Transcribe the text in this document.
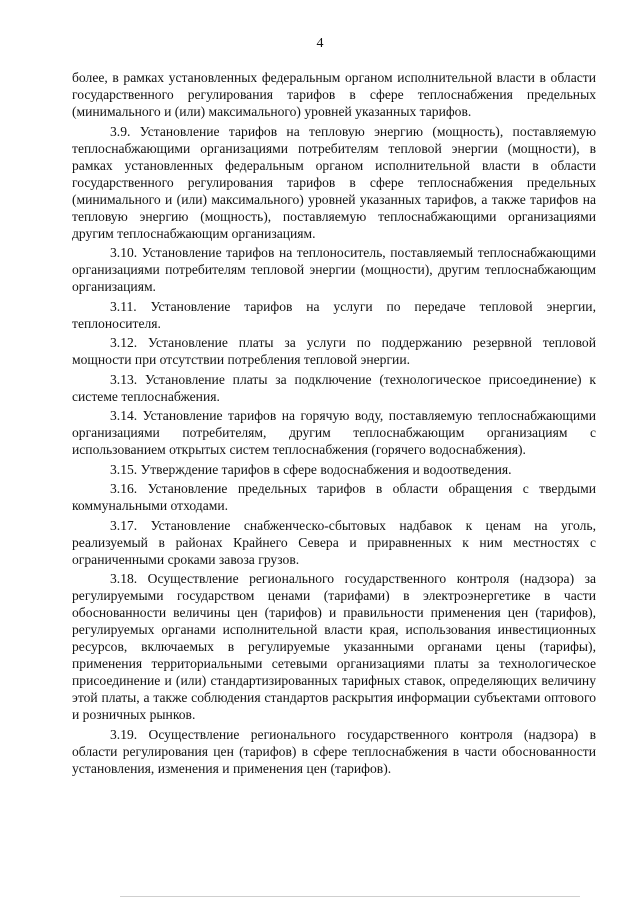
4

более, в рамках установленных федеральным органом исполнительной власти в области государственного регулирования тарифов в сфере теплоснабжения предельных (минимального и (или) максимального) уровней указанных тарифов.

3.9. Установление тарифов на тепловую энергию (мощность), поставляемую теплоснабжающими организациями потребителям тепловой энергии (мощности), в рамках установленных федеральным органом исполнительной власти в области государственного регулирования тарифов в сфере теплоснабжения предельных (минимального и (или) максимального) уровней указанных тарифов, а также тарифов на тепловую энергию (мощность), поставляемую теплоснабжающими организациями другим теплоснабжающим организациям.

3.10. Установление тарифов на теплоноситель, поставляемый теплоснабжающими организациями потребителям тепловой энергии (мощности), другим теплоснабжающим организациям.

3.11. Установление тарифов на услуги по передаче тепловой энергии, теплоносителя.

3.12. Установление платы за услуги по поддержанию резервной тепловой мощности при отсутствии потребления тепловой энергии.

3.13. Установление платы за подключение (технологическое присоединение) к системе теплоснабжения.

3.14. Установление тарифов на горячую воду, поставляемую теплоснабжающими организациями потребителям, другим теплоснабжающим организациям с использованием открытых систем теплоснабжения (горячего водоснабжения).

3.15. Утверждение тарифов в сфере водоснабжения и водоотведения.

3.16. Установление предельных тарифов в области обращения с твердыми коммунальными отходами.

3.17. Установление снабженческо-сбытовых надбавок к ценам на уголь, реализуемый в районах Крайнего Севера и приравненных к ним местностях с ограниченными сроками завоза грузов.

3.18. Осуществление регионального государственного контроля (надзора) за регулируемыми государством ценами (тарифами) в электроэнергетике в части обоснованности величины цен (тарифов) и правильности применения цен (тарифов), регулируемых органами исполнительной власти края, использования инвестиционных ресурсов, включаемых в регулируемые указанными органами цены (тарифы), применения территориальными сетевыми организациями платы за технологическое присоединение и (или) стандартизированных тарифных ставок, определяющих величину этой платы, а также соблюдения стандартов раскрытия информации субъектами оптового и розничных рынков.

3.19. Осуществление регионального государственного контроля (надзора) в области регулирования цен (тарифов) в сфере теплоснабжения в части обоснованности установления, изменения и применения цен (тарифов).
